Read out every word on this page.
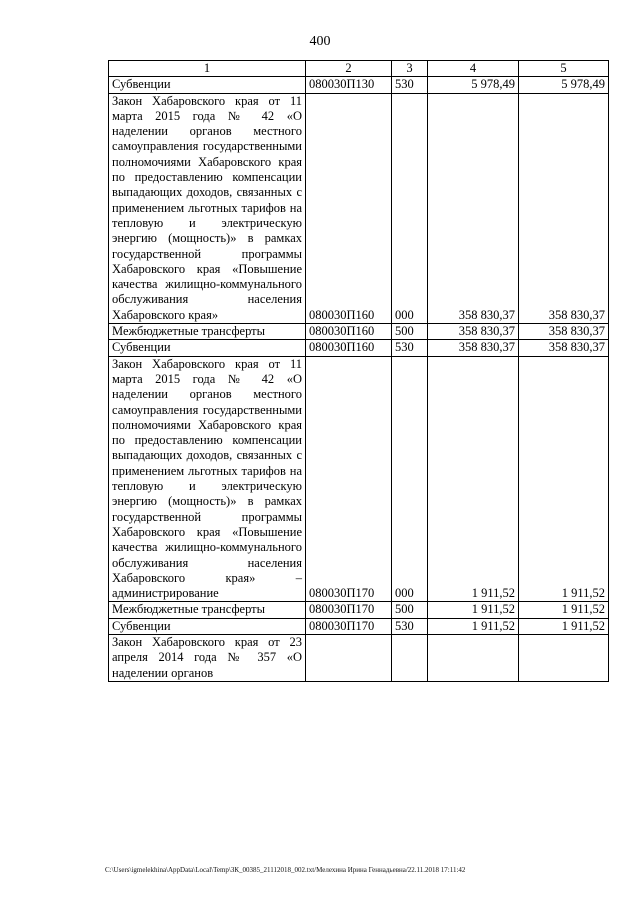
400
1	2	3	4	5
Субвенции	080030П130	530	5 978,49	5 978,49
Закон Хабаровского края от 11 марта 2015 года № 42 «О наделении органов местного самоуправления государственными полномочиями Хабаровского края по предоставлению компенсации выпадающих доходов, связанных с применением льготных тарифов на тепловую и электрическую энергию (мощность)» в рамках государственной программы Хабаровского края «Повышение качества жилищно-коммунального обслуживания населения Хабаровского края»	080030П160	000	358 830,37	358 830,37
Межбюджетные трансферты	080030П160	500	358 830,37	358 830,37
Субвенции	080030П160	530	358 830,37	358 830,37
Закон Хабаровского края от 11 марта 2015 года № 42 «О наделении органов местного самоуправления государственными полномочиями Хабаровского края по предоставлению компенсации выпадающих доходов, связанных с применением льготных тарифов на тепловую и электрическую энергию (мощность)» в рамках государственной программы Хабаровского края «Повышение качества жилищно-коммунального обслуживания населения Хабаровского края» – администрирование	080030П170	000	1 911,52	1 911,52
Межбюджетные трансферты	080030П170	500	1 911,52	1 911,52
Субвенции	080030П170	530	1 911,52	1 911,52
Закон Хабаровского края от 23 апреля 2014 года № 357 «О наделении органов				
C:\Users\igmelekhina\AppData\Local\Temp\ЗК_00385_21112018_002.txt/Мелехина Ирина Геннадьевна/22.11.2018 17:11:42
